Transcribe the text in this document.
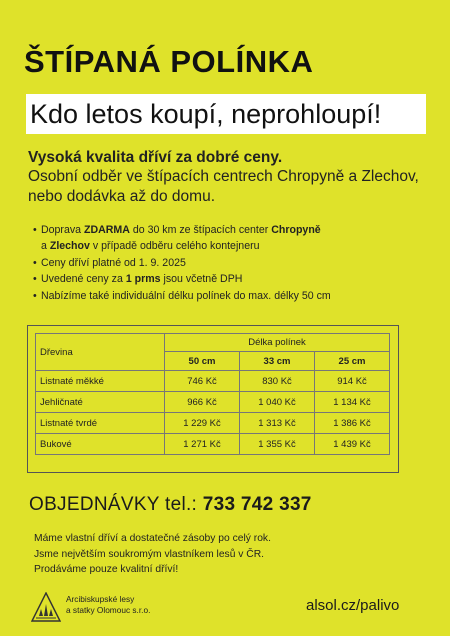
ŠTÍPANÁ POLÍNKA
Kdo letos koupí, neprohloupí!
Vysoká kvalita dříví za dobré ceny.
Osobní odběr ve štípacích centrech Chropyně a Zlechov, nebo dodávka až do domu.
• Doprava ZDARMA do 30 km ze štípacích center Chropyně
a Zlechov v případě odběru celého kontejneru
• Ceny dříví platné od 1. 9. 2025
• Uvedené ceny za 1 prms jsou včetně DPH
• Nabízíme také individuální délku polínek do max. délky 50 cm
Dřevina	Délka polínek		
	50 cm	33 cm	25 cm
Listnaté měkké	746 Kč	830 Kč	914 Kč
Jehličnaté	966 Kč	1 040 Kč	1 134 Kč
Listnaté tvrdé	1 229 Kč	1 313 Kč	1 386 Kč
Bukové	1 271 Kč	1 355 Kč	1 439 Kč
OBJEDNÁVKY tel.: 733 742 337
Máme vlastní dříví a dostatečné zásoby po celý rok.
Jsme největším soukromým vlastníkem lesů v ČR.
Prodáváme pouze kvalitní dříví!
Arcibiskupské lesy
a statky Olomouc s.r.o.	alsol.cz/palivo
